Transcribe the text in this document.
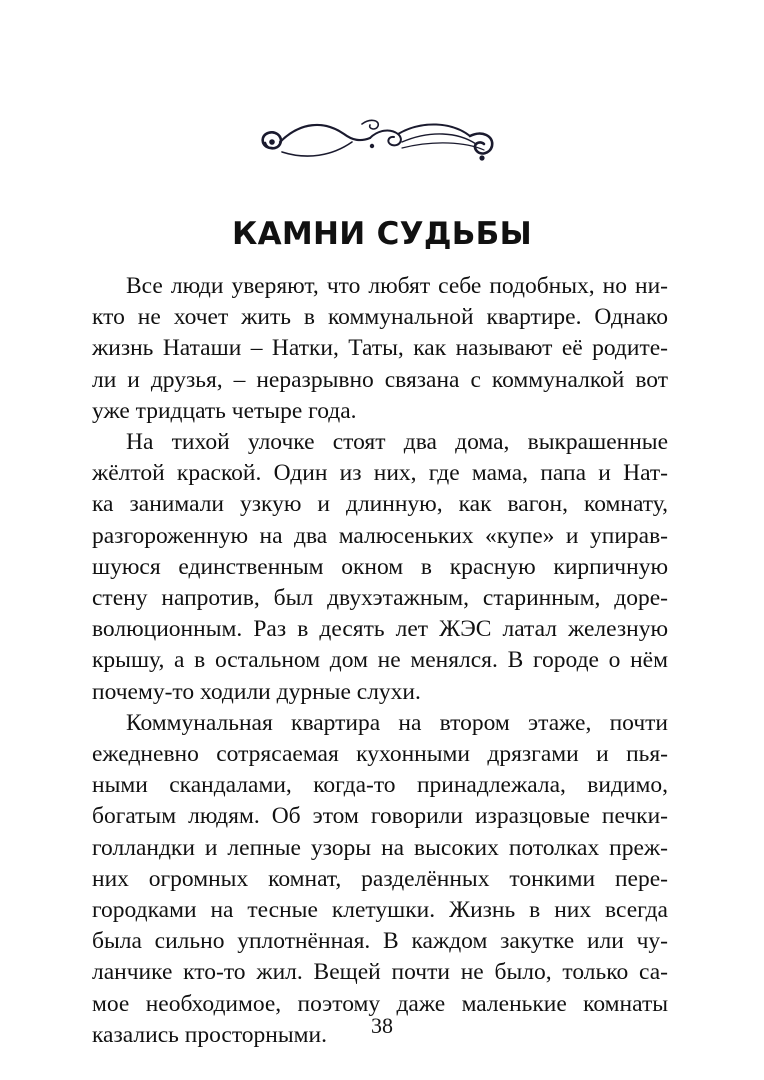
КАМНИ СУДЬБЫ
Все люди уверяют, что любят себе подобных, но ни-
кто не хочет жить в коммунальной квартире. Однако
жизнь Наташи – Натки, Таты, как называют её родите-
ли и друзья, – неразрывно связана с коммуналкой вот
уже тридцать четыре года.
На тихой улочке стоят два дома, выкрашенные
жёлтой краской. Один из них, где мама, папа и Нат-
ка занимали узкую и длинную, как вагон, комнату,
разгороженную на два малюсеньких «купе» и упирав-
шуюся единственным окном в красную кирпичную
стену напротив, был двухэтажным, старинным, доре-
волюционным. Раз в десять лет ЖЭС латал железную
крышу, а в остальном дом не менялся. В городе о нём
почему-то ходили дурные слухи.
Коммунальная квартира на втором этаже, почти
ежедневно сотрясаемая кухонными дрязгами и пья-
ными скандалами, когда-то принадлежала, видимо,
богатым людям. Об этом говорили изразцовые печки-
голландки и лепные узоры на высоких потолках преж-
них огромных комнат, разделённых тонкими пере-
городками на тесные клетушки. Жизнь в них всегда
была сильно уплотнённая. В каждом закутке или чу-
ланчике кто-то жил. Вещей почти не было, только са-
мое необходимое, поэтому даже маленькие комнаты
казались просторными.	38
